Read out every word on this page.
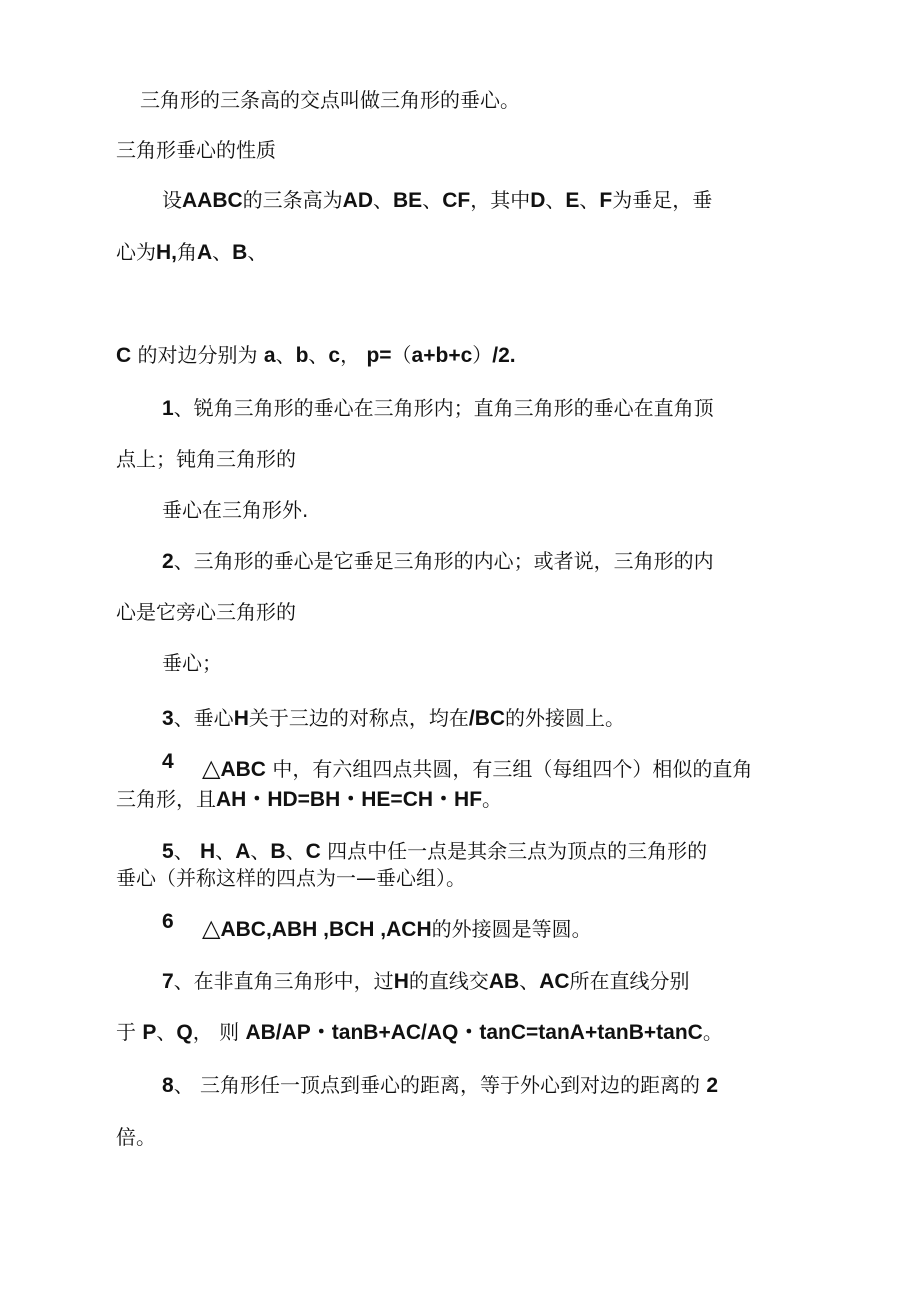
三角形的三条高的交点叫做三角形的垂心。
三角形垂心的性质
设AABC的三条高为AD、BE、CF，其中D、E、F为垂足，垂
心为H,角A、B、
C 的对边分别为 a、b、c， p=（a+b+c）/2.
1、锐角三角形的垂心在三角形内；直角三角形的垂心在直角顶
点上；钝角三角形的
垂心在三角形外.
2、三角形的垂心是它垂足三角形的内心；或者说，三角形的内
心是它旁心三角形的
垂心；
3、垂心H关于三边的对称点，均在/BC的外接圆上。
4 △ABC 中，有六组四点共圆，有三组（每组四个）相似的直角
三角形，且AH・HD=BH・HE=CH・HF。
5、 H、A、B、C 四点中任一点是其余三点为顶点的三角形的
垂心（并称这样的四点为一—垂心组）。
6 △ABC,ABH ,BCH ,ACH的外接圆是等圆。
7、在非直角三角形中，过H的直线交AB、AC所在直线分别
于 P、Q， 则 AB/AP・tanB+AC/AQ・tanC=tanA+tanB+tanC。
8、 三角形任一顶点到垂心的距离，等于外心到对边的距离的 2
倍。
